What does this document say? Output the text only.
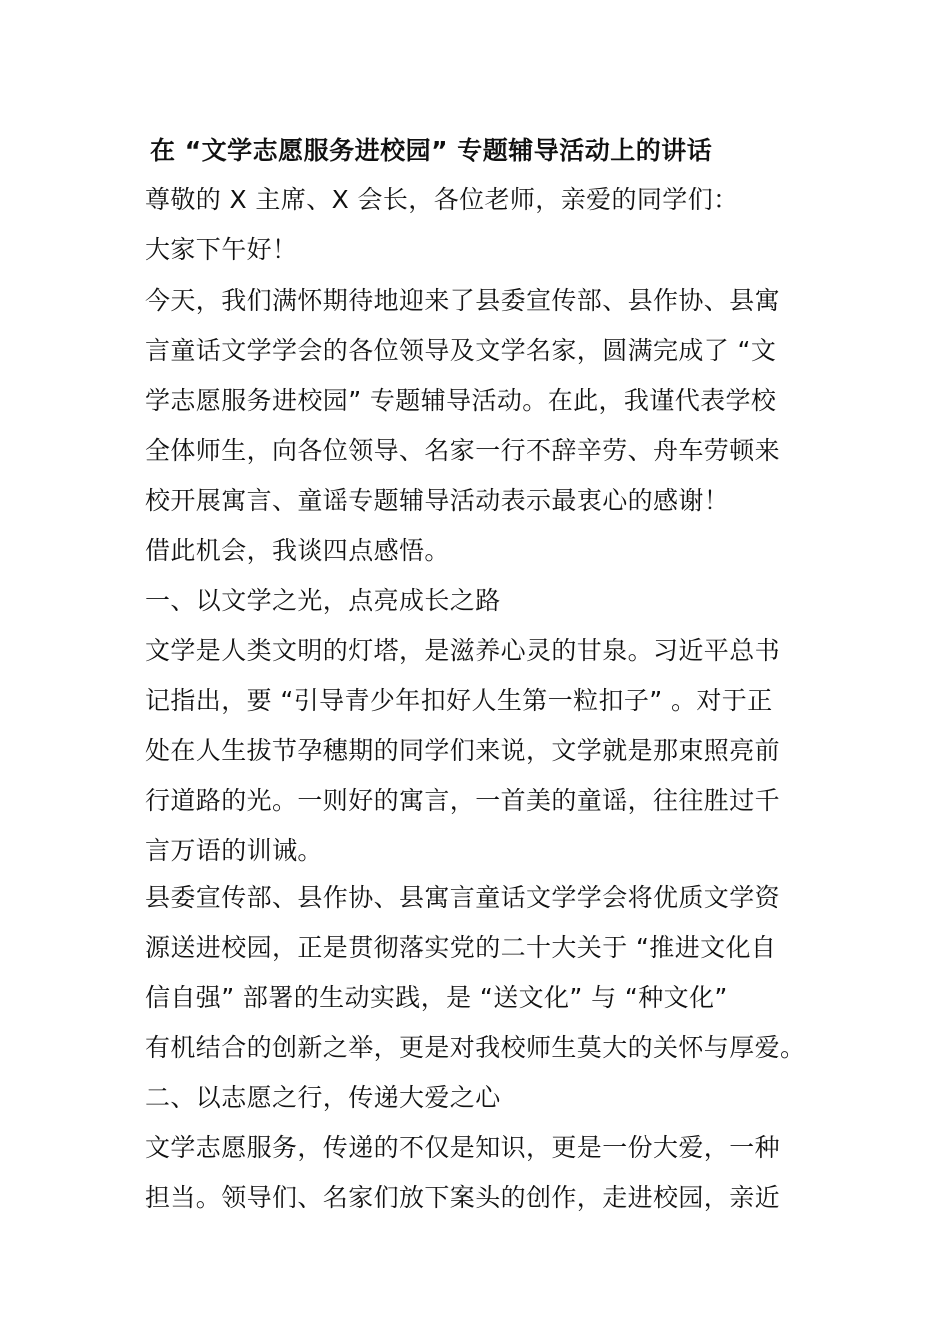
在 “文学志愿服务进校园” 专题辅导活动上的讲话
尊敬的 X 主席、X 会长，各位老师，亲爱的同学们：
大家下午好！
今天，我们满怀期待地迎来了县委宣传部、县作协、县寓
言童话文学学会的各位领导及文学名家，圆满完成了 “文
学志愿服务进校园” 专题辅导活动。在此，我谨代表学校
全体师生，向各位领导、名家一行不辞辛劳、舟车劳顿来
校开展寓言、童谣专题辅导活动表示最衷心的感谢！
借此机会，我谈四点感悟。
一、以文学之光，点亮成长之路
文学是人类文明的灯塔，是滋养心灵的甘泉。习近平总书
记指出，要 “引导青少年扣好人生第一粒扣子” 。对于正
处在人生拔节孕穗期的同学们来说，文学就是那束照亮前
行道路的光。一则好的寓言，一首美的童谣，往往胜过千
言万语的训诫。
县委宣传部、县作协、县寓言童话文学学会将优质文学资
源送进校园，正是贯彻落实党的二十大关于 “推进文化自
信自强” 部署的生动实践，是 “送文化” 与 “种文化”
有机结合的创新之举，更是对我校师生莫大的关怀与厚爱。
二、以志愿之行，传递大爱之心
文学志愿服务，传递的不仅是知识，更是一份大爱，一种
担当。领导们、名家们放下案头的创作，走进校园，亲近
